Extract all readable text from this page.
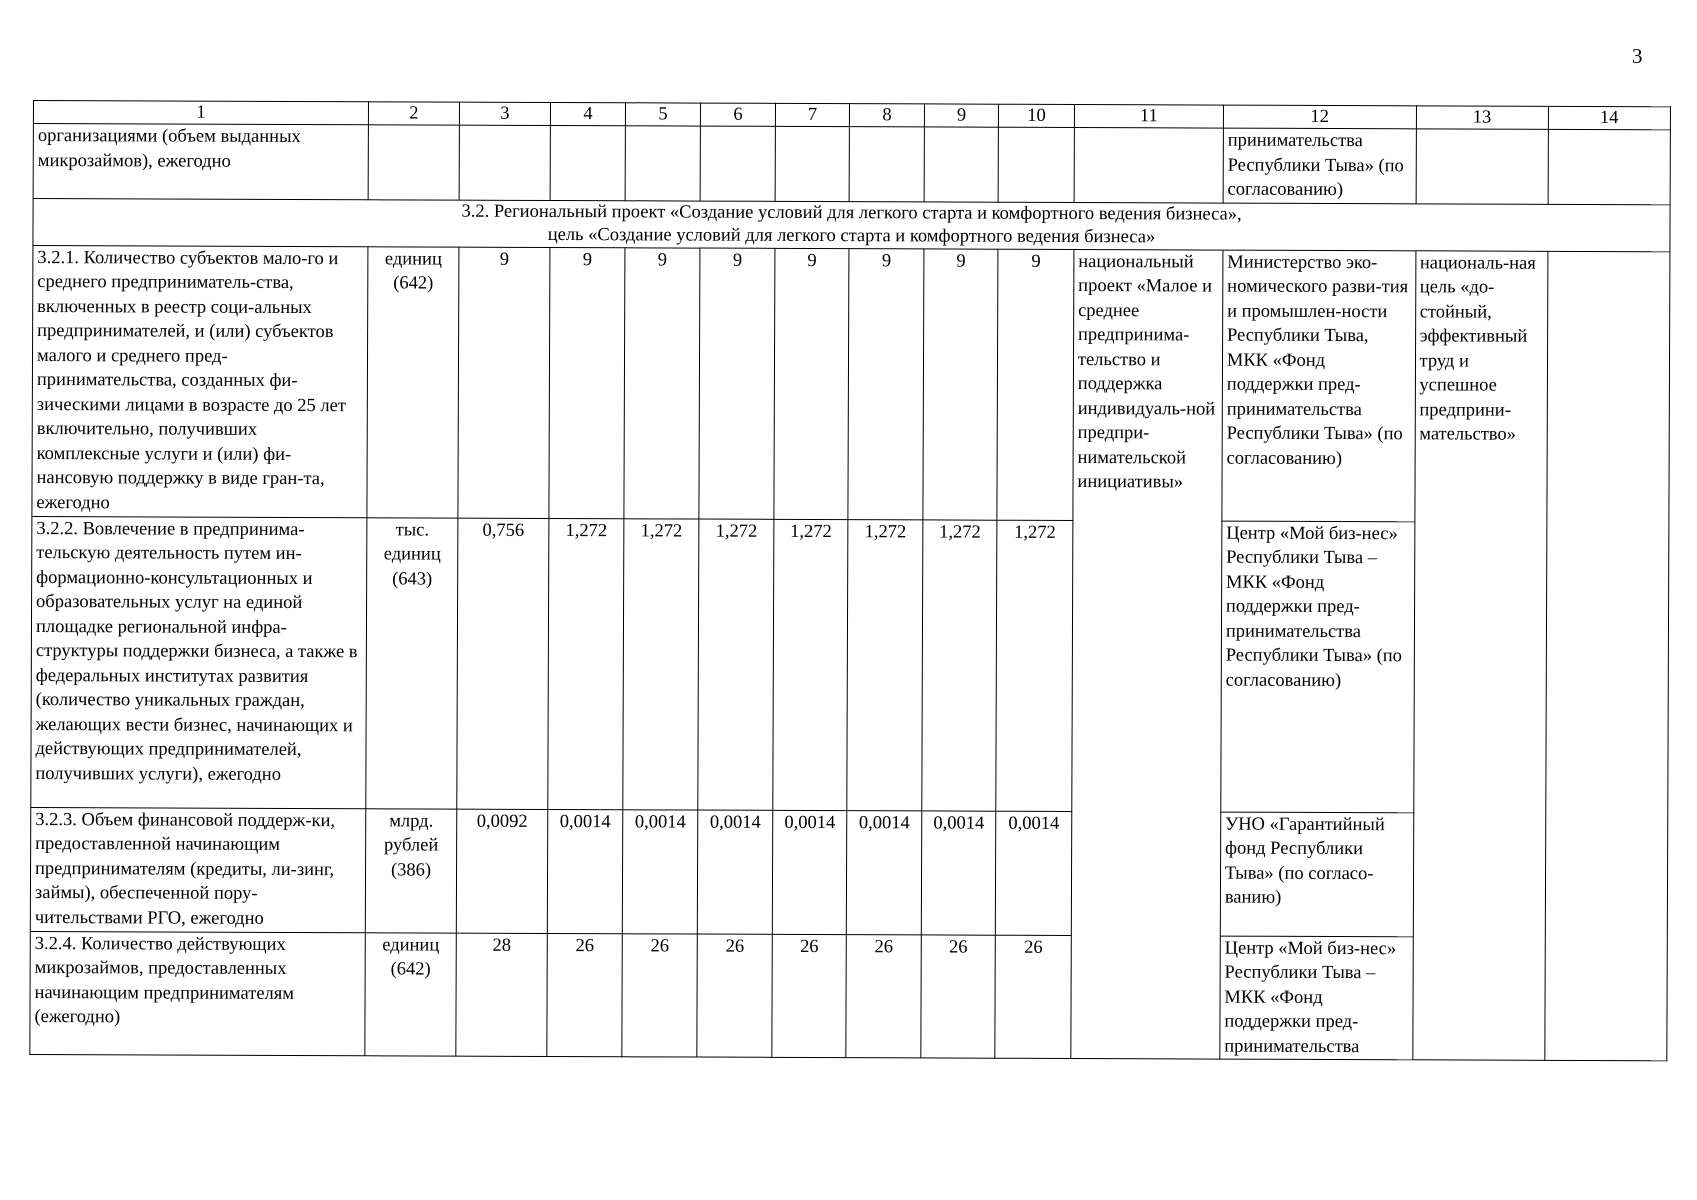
3
1	2	3	4	5	6	7	8	9	10	11	12	13	14
организациями (объем выданных микрозаймов), ежегодно											принимательства Республики Тыва» (по согласованию)		

3.2. Региональный проект «Создание условий для легкого старта и комфортного ведения бизнеса»,
цель «Создание условий для легкого старта и комфортного ведения бизнеса»													

3.2.1. Количество субъектов мало-го и среднего предприниматель-ства, включенных в реестр соци-альных предпринимателей, и (или) субъектов малого и среднего пред-принимательства, созданных фи-зическими лицами в возрасте до 25 лет включительно, получивших комплексные услуги и (или) фи-нансовую поддержку в виде гран-та, ежегодно	единиц (642)	9	9	9	9	9	9	9	9	национальный проект «Малое и среднее предпринима-тельство и поддержка индивидуаль-ной предпри-нимательской инициативы»	Министерство эко-номического разви-тия и промышлен-ности Республики Тыва, МКК «Фонд поддержки пред-принимательства Республики Тыва» (по согласованию)	националь-ная цель «до-стойный, эффективный труд и успешное предприни-мательство»	
3.2.2. Вовлечение в предпринима-тельскую деятельность путем ин-формационно-консультационных и образовательных услуг на единой площадке региональной инфра-структуры поддержки бизнеса, а также в федеральных институтах развития (количество уникальных граждан, желающих вести бизнес, начинающих и действующих предпринимателей, получивших услуги), ежегодно	тыс. единиц (643)	0,756	1,272	1,272	1,272	1,272	1,272	1,272	1,272		Центр «Мой биз-нес» Республики Тыва – МКК «Фонд поддержки пред-принимательства Республики Тыва» (по согласованию)		
3.2.3. Объем финансовой поддерж-ки, предоставленной начинающим предпринимателям (кредиты, ли-зинг, займы), обеспеченной пору-чительствами РГО, ежегодно	млрд. рублей (386)	0,0092	0,0014	0,0014	0,0014	0,0014	0,0014	0,0014	0,0014		УНО «Гарантийный фонд Республики Тыва» (по согласо-ванию)		
3.2.4. Количество действующих микрозаймов, предоставленных начинающим предпринимателям (ежегодно)	единиц (642)	28	26	26	26	26	26	26	26		Центр «Мой биз-нес» Республики Тыва – МКК «Фонд поддержки пред-принимательства		
